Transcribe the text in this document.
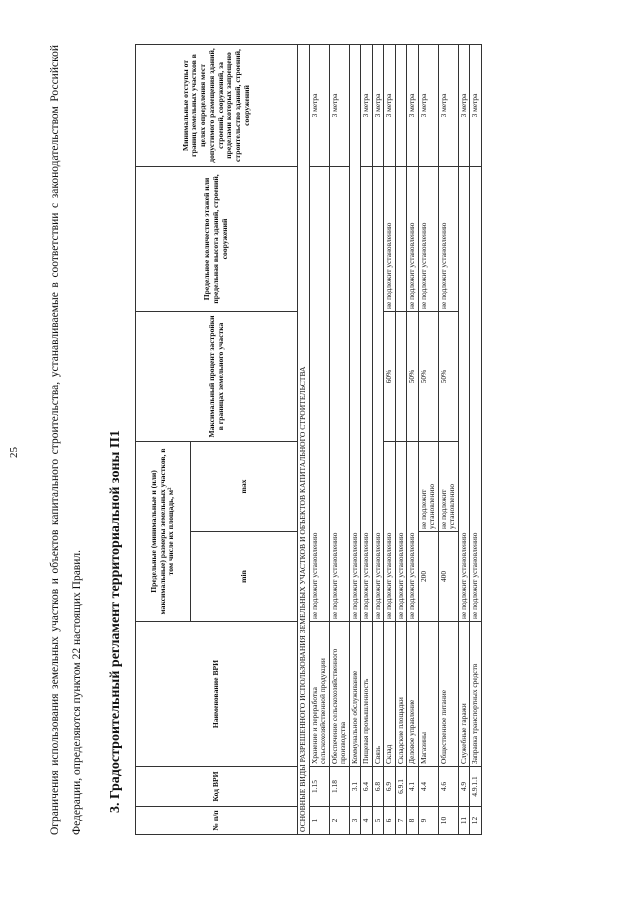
25	Ограничения использования земельных участков и объектов капитального строительства, устанавливаемые в соответствии с законодательством Российской Федерации, определяются пунктом 22 настоящих Правил.	3. Градостроительный регламент территориальной зоны П1
№ п/п	Код ВРИ	Наименование ВРИ	Предельные (минимальные и (или) максимальные) размеры земельных участков, в том числе их площадь, м²		Максимальный процент застройки в границах земельного участка	Предельное количество этажей или предельная высота зданий, строений, сооружений	Минимальные отступы от границ земельных участков в целях определения мест допустимого размещения зданий, строений, сооружений, за пределами которых запрещено строительство зданий, строений, сооружений
			min	max			
ОСНОВНЫЕ ВИДЫ РАЗРЕШЕННОГО ИСПОЛЬЗОВАНИЯ ЗЕМЕЛЬНЫХ УЧАСТКОВ И ОБЪЕКТОВ КАПИТАЛЬНОГО СТРОИТЕЛЬСТВА							
1	1.15	Хранение и переработка сельскохозяйственной продукции	не подлежит установлению				3 метра
2	1.18	Обеспечение сельскохозяйственного производства	не подлежит установлению				3 метра
3	3.1	Коммунальное обслуживание	не подлежит установлению				
4	6.4	Пищевая промышленность	не подлежит установлению				3 метра
5	6.8	Связь	не подлежит установлению				3 метра
6	6.9	Склад	не подлежит установлению		60%	не подлежит установлению	3 метра
7	6.9.1	Складские площадки	не подлежит установлению				
8	4.1	Деловое управление	не подлежит установлению		50%	не подлежит установлению	3 метра
9	4.4	Магазины	200	не подлежит установлению	50%	не подлежит установлению	3 метра
10	4.6	Общественное питание	400	не подлежит установлению	50%	не подлежит установлению	3 метра
11	4.9	Служебные гаражи	не подлежит установлению				3 метра
12	4.9.1.1	Заправка транспортных средств	не подлежит установлению				3 метра
